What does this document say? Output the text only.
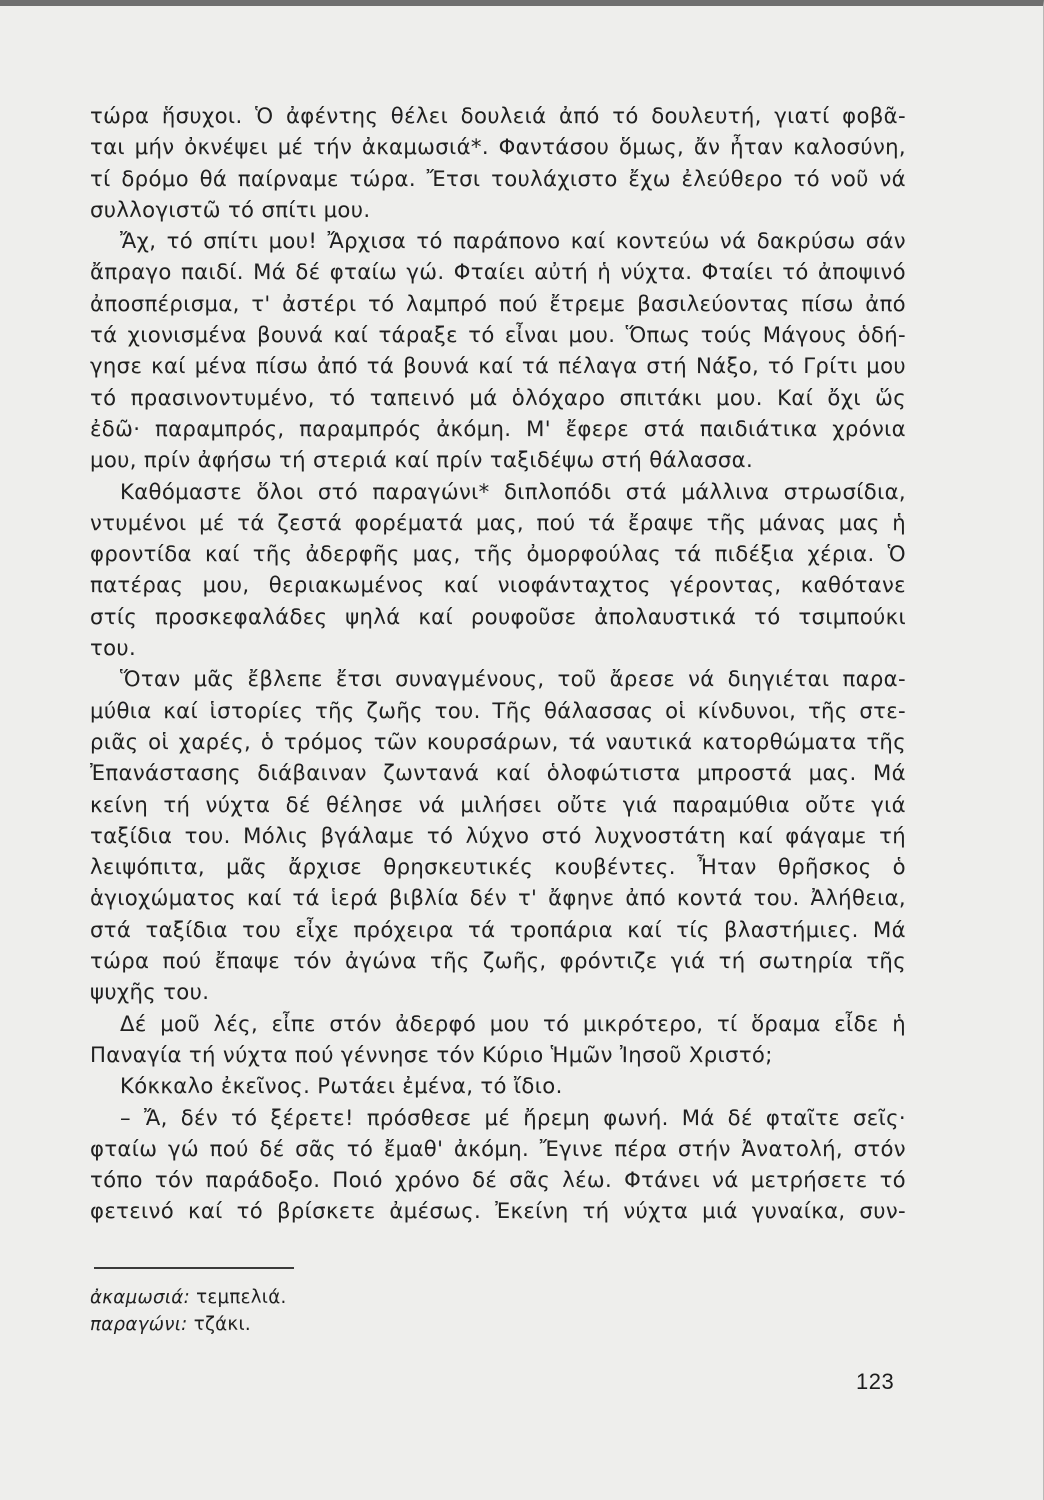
τώρα ἥσυχοι. Ὁ ἀφέντης θέλει δουλειά ἀπό τό δουλευτή, γιατί φοβᾶ-
ται μήν ὀκνέψει μέ τήν ἀκαμωσιά*. Φαντάσου ὅμως, ἄν ἦταν καλοσύνη,
τί δρόμο θά παίρναμε τώρα. Ἔτσι τουλάχιστο ἔχω ἐλεύθερο τό νοῦ νά
συλλογιστῶ τό σπίτι μου.
Ἄχ, τό σπίτι μου! Ἄρχισα τό παράπονο καί κοντεύω νά δακρύσω σάν
ἄπραγο παιδί. Μά δέ φταίω γώ. Φταίει αὐτή ἡ νύχτα. Φταίει τό ἀποψινό
ἀποσπέρισμα, τ' ἀστέρι τό λαμπρό πού ἔτρεμε βασιλεύοντας πίσω ἀπό
τά χιονισμένα βουνά καί τάραξε τό εἶναι μου. Ὅπως τούς Μάγους ὁδή-
γησε καί μένα πίσω ἀπό τά βουνά καί τά πέλαγα στή Νάξο, τό Γρίτι μου
τό πρασινοντυμένο, τό ταπεινό μά ὁλόχαρο σπιτάκι μου. Καί ὄχι ὥς
ἐδῶ· παραμπρός, παραμπρός ἀκόμη. Μ' ἔφερε στά παιδιάτικα χρόνια
μου, πρίν ἀφήσω τή στεριά καί πρίν ταξιδέψω στή θάλασσα.
Καθόμαστε ὅλοι στό παραγώνι* διπλοπόδι στά μάλλινα στρωσίδια,
ντυμένοι μέ τά ζεστά φορέματά μας, πού τά ἔραψε τῆς μάνας μας ἡ
φροντίδα καί τῆς ἀδερφῆς μας, τῆς ὀμορφούλας τά πιδέξια χέρια. Ὁ
πατέρας μου, θεριακωμένος καί νιοφάνταχτος γέροντας, καθότανε
στίς προσκεφαλάδες ψηλά καί ρουφοῦσε ἀπολαυστικά τό τσιμπούκι
του.
Ὅταν μᾶς ἔβλεπε ἔτσι συναγμένους, τοῦ ἄρεσε νά διηγιέται παρα-
μύθια καί ἱστορίες τῆς ζωῆς του. Τῆς θάλασσας οἱ κίνδυνοι, τῆς στε-
ριᾶς οἱ χαρές, ὁ τρόμος τῶν κουρσάρων, τά ναυτικά κατορθώματα τῆς
Ἐπανάστασης διάβαιναν ζωντανά καί ὁλοφώτιστα μπροστά μας. Μά
κείνη τή νύχτα δέ θέλησε νά μιλήσει οὔτε γιά παραμύθια οὔτε γιά
ταξίδια του. Μόλις βγάλαμε τό λύχνο στό λυχνοστάτη καί φάγαμε τή
λειψόπιτα, μᾶς ἄρχισε θρησκευτικές κουβέντες. Ἦταν θρῆσκος ὁ
ἁγιοχώματος καί τά ἱερά βιβλία δέν τ' ἄφηνε ἀπό κοντά του. Ἀλήθεια,
στά ταξίδια του εἶχε πρόχειρα τά τροπάρια καί τίς βλαστήμιες. Μά
τώρα πού ἔπαψε τόν ἀγώνα τῆς ζωῆς, φρόντιζε γιά τή σωτηρία τῆς
ψυχῆς του.
Δέ μοῦ λές, εἶπε στόν ἀδερφό μου τό μικρότερο, τί ὅραμα εἶδε ἡ
Παναγία τή νύχτα πού γέννησε τόν Κύριο Ἡμῶν Ἰησοῦ Χριστό;
Κόκκαλο ἐκεῖνος. Ρωτάει ἐμένα, τό ἴδιο.
– Ἄ, δέν τό ξέρετε! πρόσθεσε μέ ἤρεμη φωνή. Μά δέ φταῖτε σεῖς·
φταίω γώ πού δέ σᾶς τό ἔμαθ' ἀκόμη. Ἔγινε πέρα στήν Ἀνατολή, στόν
τόπο τόν παράδοξο. Ποιό χρόνο δέ σᾶς λέω. Φτάνει νά μετρήσετε τό
φετεινό καί τό βρίσκετε ἀμέσως. Ἐκείνη τή νύχτα μιά γυναίκα, συν-
ἀκαμωσιά: τεμπελιά.
παραγώνι: τζάκι.
123
